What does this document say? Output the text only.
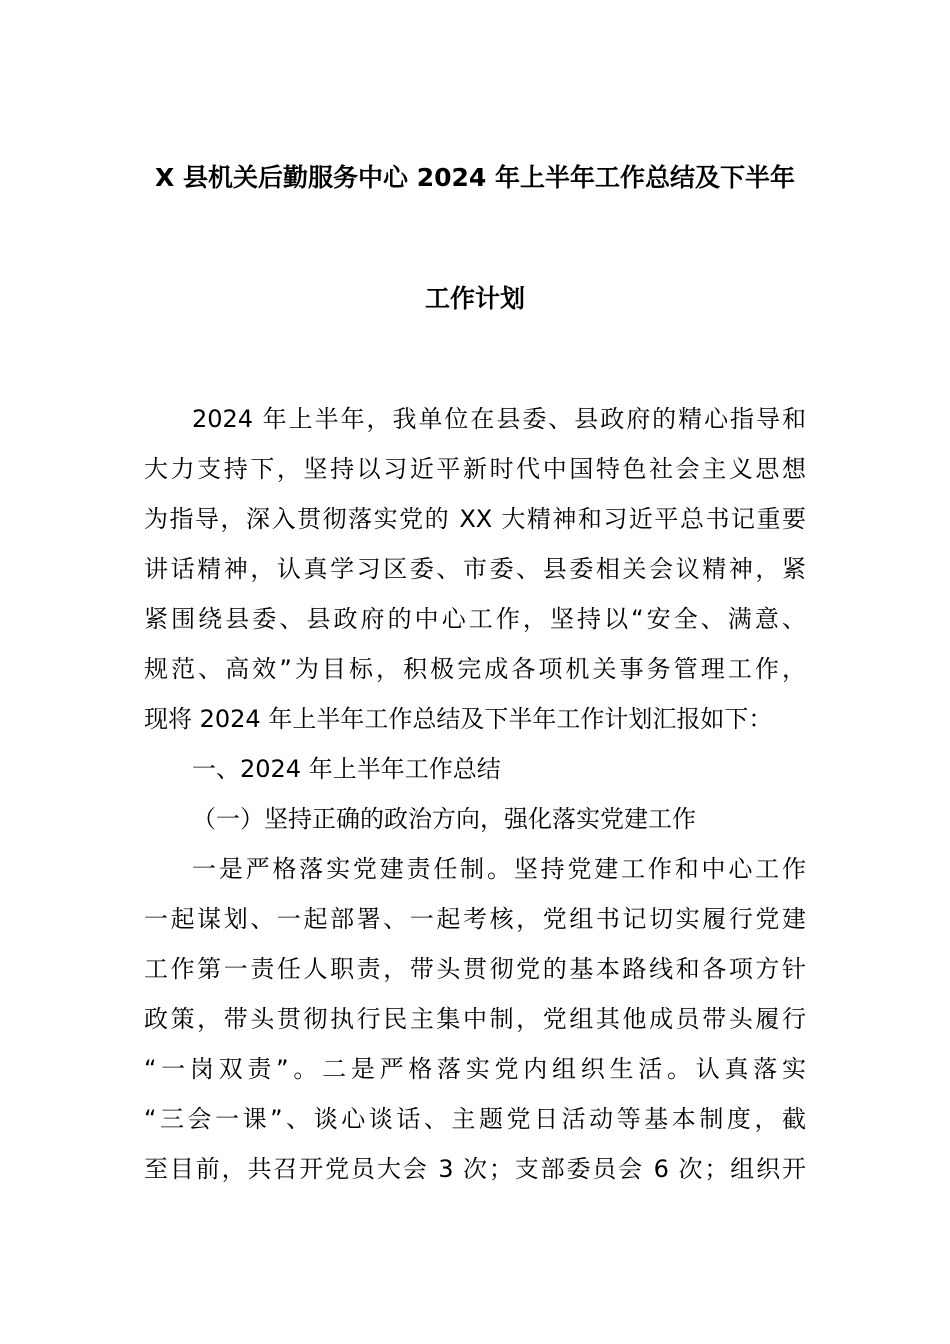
X 县机关后勤服务中心 2024 年上半年工作总结及下半年
工作计划
2024 年上半年，我单位在县委、县政府的精心指导和
大力支持下，坚持以习近平新时代中国特色社会主义思想
为指导，深入贯彻落实党的 XX 大精神和习近平总书记重要
讲话精神，认真学习区委、市委、县委相关会议精神，紧
紧围绕县委、县政府的中心工作，坚持以“安全、满意、
规范、高效”为目标，积极完成各项机关事务管理工作，
现将 2024 年上半年工作总结及下半年工作计划汇报如下：
一、2024 年上半年工作总结
（一）坚持正确的政治方向，强化落实党建工作
一是严格落实党建责任制。坚持党建工作和中心工作
一起谋划、一起部署、一起考核，党组书记切实履行党建
工作第一责任人职责，带头贯彻党的基本路线和各项方针
政策，带头贯彻执行民主集中制，党组其他成员带头履行
“一岗双责”。二是严格落实党内组织生活。认真落实
“三会一课”、谈心谈话、主题党日活动等基本制度，截
至目前，共召开党员大会 3 次；支部委员会 6 次；组织开
